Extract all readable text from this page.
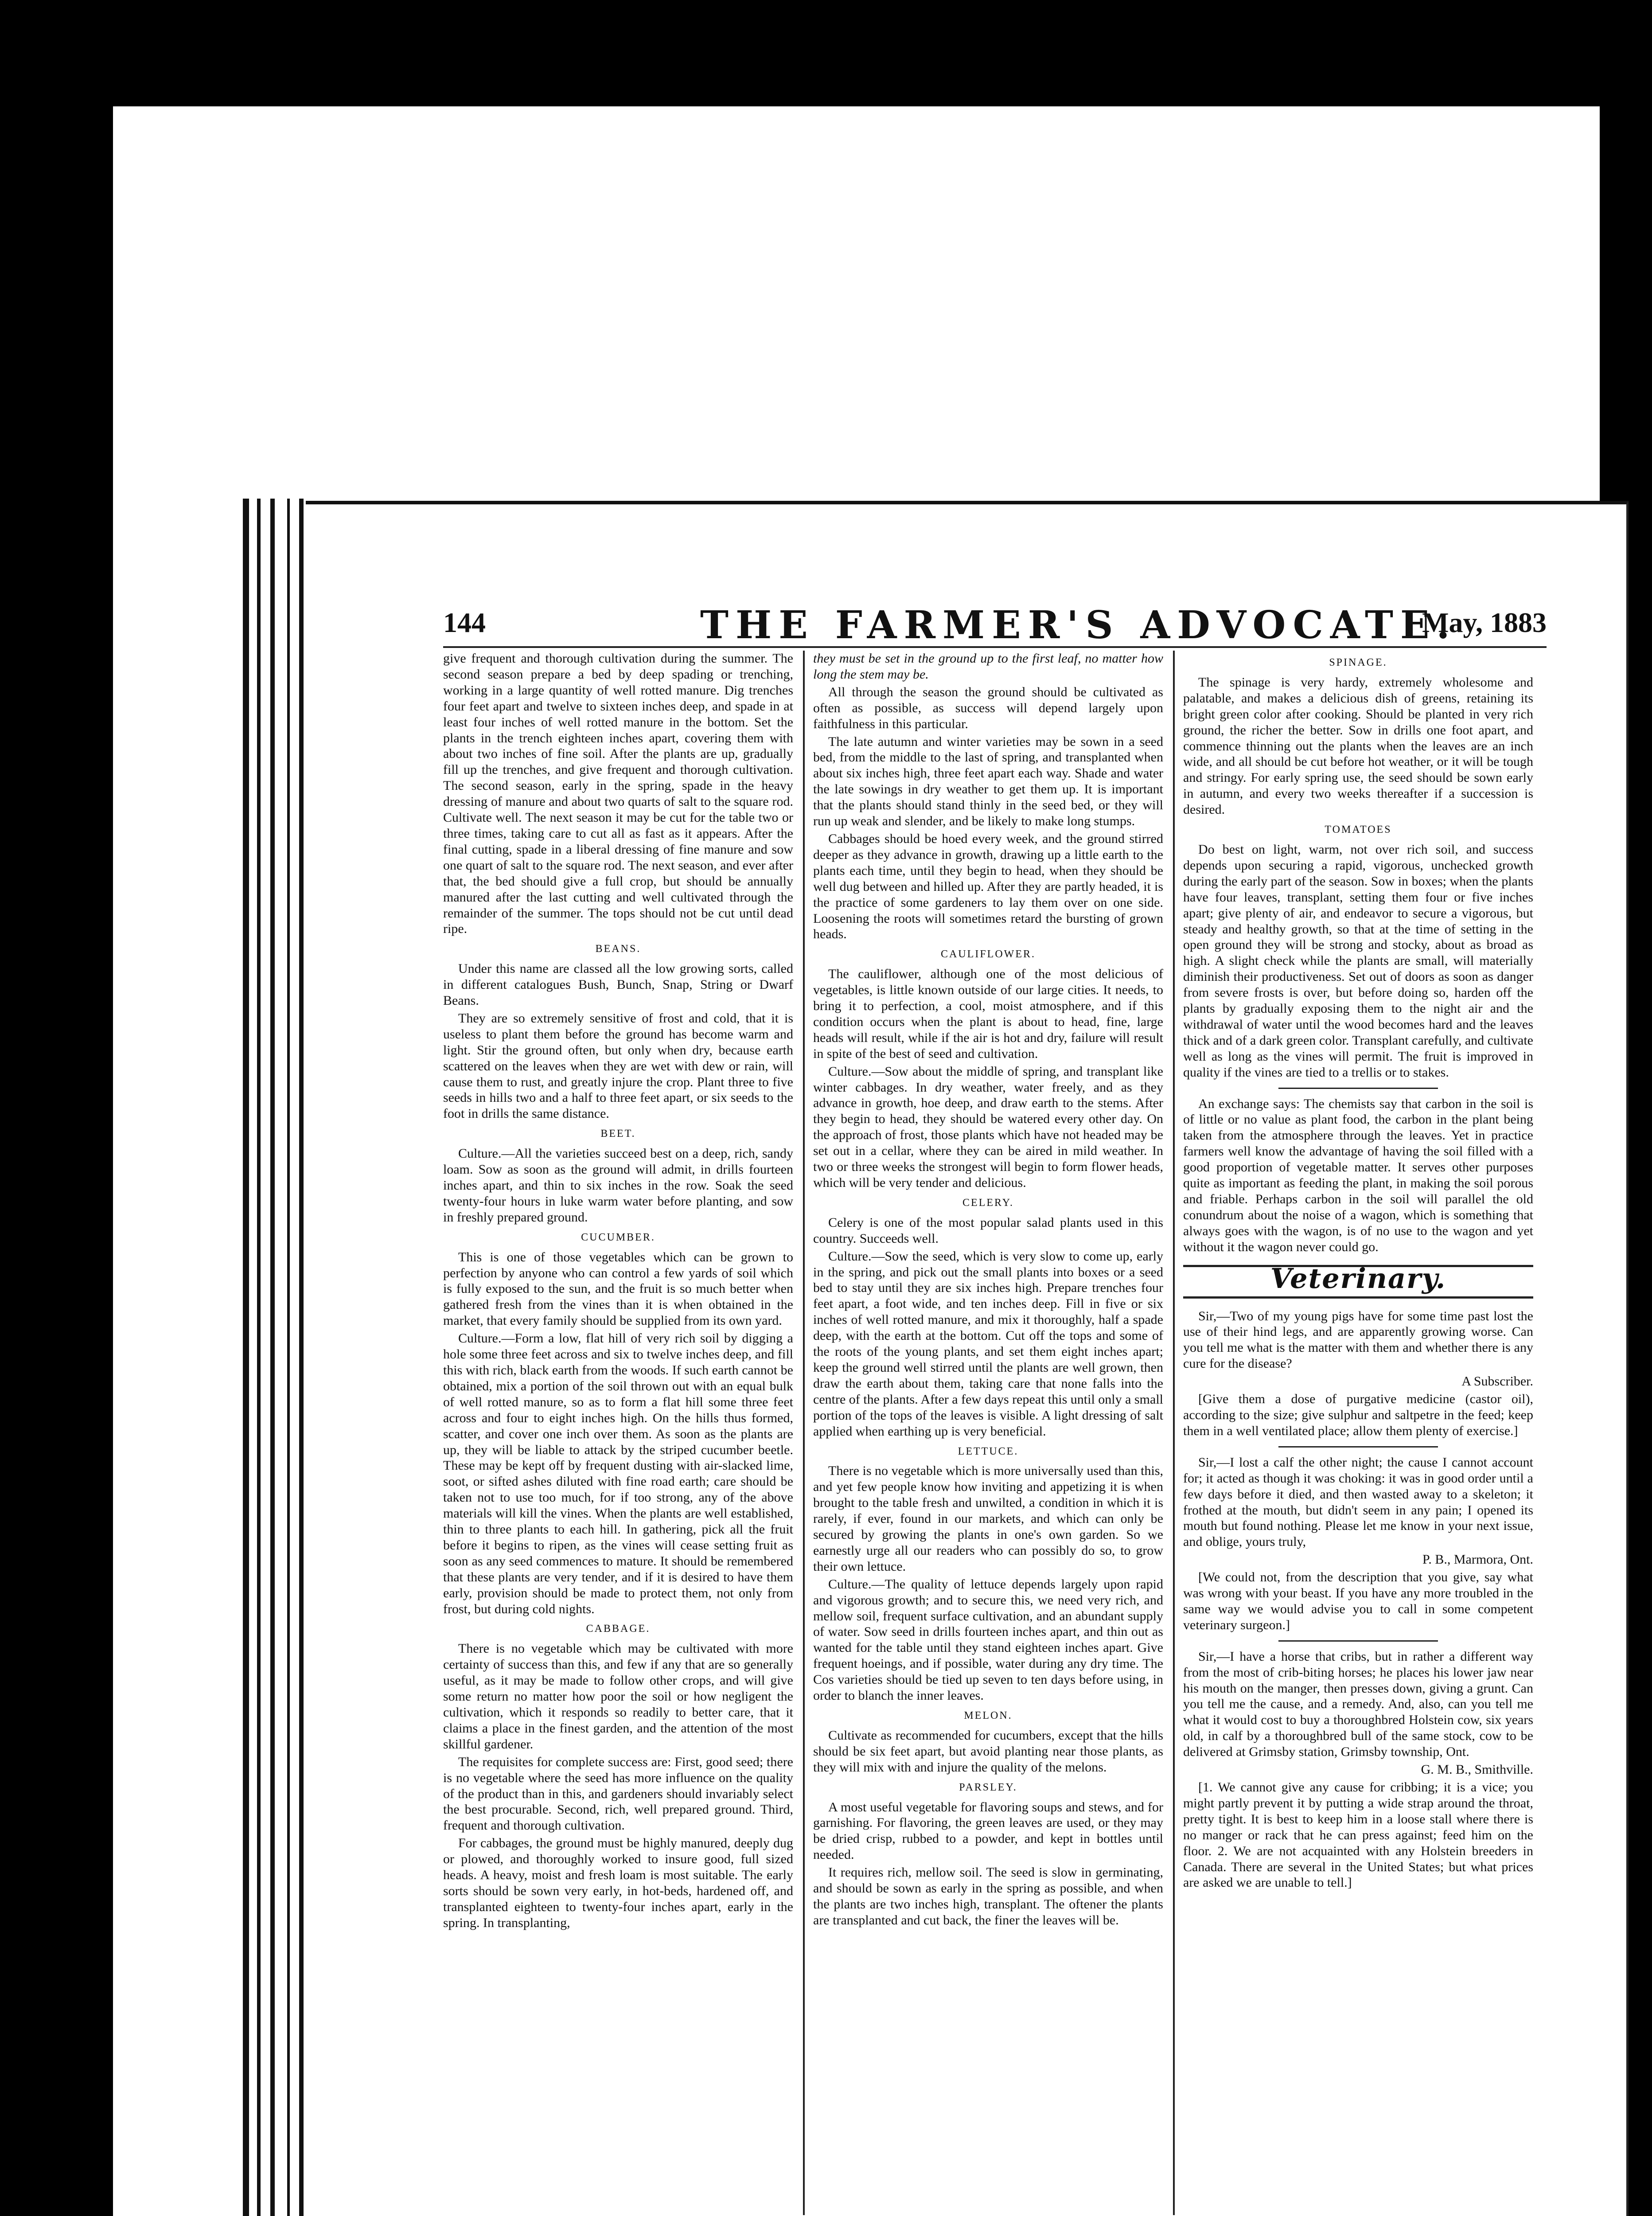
144	THE FARMER'S ADVOCATE.
May, 1883

give frequent and thorough cultivation during the summer. The second season prepare a bed by deep spading or trenching, working in a large quantity of well rotted manure. Dig trenches four feet apart and twelve to sixteen inches deep, and spade in at least four inches of well rotted manure in the bottom. Set the plants in the trench eighteen inches apart, covering them with about two inches of fine soil. After the plants are up, gradually fill up the trenches, and give frequent and thorough cultivation. The second season, early in the spring, spade in the heavy dressing of manure and about two quarts of salt to the square rod. Cultivate well. The next season it may be cut for the table two or three times, taking care to cut all as fast as it appears. After the final cutting, spade in a liberal dressing of fine manure and sow one quart of salt to the square rod. The next season, and ever after that, the bed should give a full crop, but should be annually manured after the last cutting and well cultivated through the remainder of the summer. The tops should not be cut until dead ripe.

BEANS.

Under this name are classed all the low growing sorts, called in different catalogues Bush, Bunch, Snap, String or Dwarf Beans.

They are so extremely sensitive of frost and cold, that it is useless to plant them before the ground has become warm and light. Stir the ground often, but only when dry, because earth scattered on the leaves when they are wet with dew or rain, will cause them to rust, and greatly injure the crop. Plant three to five seeds in hills two and a half to three feet apart, or six seeds to the foot in drills the same distance.

BEET.

Culture.—All the varieties succeed best on a deep, rich, sandy loam. Sow as soon as the ground will admit, in drills fourteen inches apart, and thin to six inches in the row. Soak the seed twenty-four hours in luke warm water before planting, and sow in freshly prepared ground.

CUCUMBER.

This is one of those vegetables which can be grown to perfection by anyone who can control a few yards of soil which is fully exposed to the sun, and the fruit is so much better when gathered fresh from the vines than it is when obtained in the market, that every family should be supplied from its own yard.

Culture.—Form a low, flat hill of very rich soil by digging a hole some three feet across and six to twelve inches deep, and fill this with rich, black earth from the woods. If such earth cannot be obtained, mix a portion of the soil thrown out with an equal bulk of well rotted manure, so as to form a flat hill some three feet across and four to eight inches high. On the hills thus formed, scatter, and cover one inch over them. As soon as the plants are up, they will be liable to attack by the striped cucumber beetle. These may be kept off by frequent dusting with air-slacked lime, soot, or sifted ashes diluted with fine road earth; care should be taken not to use too much, for if too strong, any of the above materials will kill the vines. When the plants are well established, thin to three plants to each hill. In gathering, pick all the fruit before it begins to ripen, as the vines will cease setting fruit as soon as any seed commences to mature. It should be remembered that these plants are very tender, and if it is desired to have them early, provision should be made to protect them, not only from frost, but during cold nights.

CABBAGE.

There is no vegetable which may be cultivated with more certainty of success than this, and few if any that are so generally useful, as it may be made to follow other crops, and will give some return no matter how poor the soil or how negligent the cultivation, which it responds so readily to better care, that it claims a place in the finest garden, and the attention of the most skillful gardener.

The requisites for complete success are: First, good seed; there is no vegetable where the seed has more influence on the quality of the product than in this, and gardeners should invariably select the best procurable. Second, rich, well prepared ground. Third, frequent and thorough cultivation.

For cabbages, the ground must be highly manured, deeply dug or plowed, and thoroughly worked to insure good, full sized heads. A heavy, moist and fresh loam is most suitable. The early sorts should be sown very early, in hot-beds, hardened off, and transplanted eighteen to twenty-four inches apart, early in the spring. In transplanting,

they must be set in the ground up to the first leaf, no matter how long the stem may be.

All through the season the ground should be cultivated as often as possible, as success will depend largely upon faithfulness in this particular.

The late autumn and winter varieties may be sown in a seed bed, from the middle to the last of spring, and transplanted when about six inches high, three feet apart each way. Shade and water the late sowings in dry weather to get them up. It is important that the plants should stand thinly in the seed bed, or they will run up weak and slender, and be likely to make long stumps.

Cabbages should be hoed every week, and the ground stirred deeper as they advance in growth, drawing up a little earth to the plants each time, until they begin to head, when they should be well dug between and hilled up. After they are partly headed, it is the practice of some gardeners to lay them over on one side. Loosening the roots will sometimes retard the bursting of grown heads.

CAULIFLOWER.

The cauliflower, although one of the most delicious of vegetables, is little known outside of our large cities. It needs, to bring it to perfection, a cool, moist atmosphere, and if this condition occurs when the plant is about to head, fine, large heads will result, while if the air is hot and dry, failure will result in spite of the best of seed and cultivation.

Culture.—Sow about the middle of spring, and transplant like winter cabbages. In dry weather, water freely, and as they advance in growth, hoe deep, and draw earth to the stems. After they begin to head, they should be watered every other day. On the approach of frost, those plants which have not headed may be set out in a cellar, where they can be aired in mild weather. In two or three weeks the strongest will begin to form flower heads, which will be very tender and delicious.

CELERY.

Celery is one of the most popular salad plants used in this country. Succeeds well.

Culture.—Sow the seed, which is very slow to come up, early in the spring, and pick out the small plants into boxes or a seed bed to stay until they are six inches high. Prepare trenches four feet apart, a foot wide, and ten inches deep. Fill in five or six inches of well rotted manure, and mix it thoroughly, half a spade deep, with the earth at the bottom. Cut off the tops and some of the roots of the young plants, and set them eight inches apart; keep the ground well stirred until the plants are well grown, then draw the earth about them, taking care that none falls into the centre of the plants. After a few days repeat this until only a small portion of the tops of the leaves is visible. A light dressing of salt applied when earthing up is very beneficial.

LETTUCE.

There is no vegetable which is more universally used than this, and yet few people know how inviting and appetizing it is when brought to the table fresh and unwilted, a condition in which it is rarely, if ever, found in our markets, and which can only be secured by growing the plants in one's own garden. So we earnestly urge all our readers who can possibly do so, to grow their own lettuce.

Culture.—The quality of lettuce depends largely upon rapid and vigorous growth; and to secure this, we need very rich, and mellow soil, frequent surface cultivation, and an abundant supply of water. Sow seed in drills fourteen inches apart, and thin out as wanted for the table until they stand eighteen inches apart. Give frequent hoeings, and if possible, water during any dry time. The Cos varieties should be tied up seven to ten days before using, in order to blanch the inner leaves.

MELON.

Cultivate as recommended for cucumbers, except that the hills should be six feet apart, but avoid planting near those plants, as they will mix with and injure the quality of the melons.

PARSLEY.

A most useful vegetable for flavoring soups and stews, and for garnishing. For flavoring, the green leaves are used, or they may be dried crisp, rubbed to a powder, and kept in bottles until needed.

It requires rich, mellow soil. The seed is slow in germinating, and should be sown as early in the spring as possible, and when the plants are two inches high, transplant. The oftener the plants are transplanted and cut back, the finer the leaves will be.

SPINAGE.

The spinage is very hardy, extremely wholesome and palatable, and makes a delicious dish of greens, retaining its bright green color after cooking. Should be planted in very rich ground, the richer the better. Sow in drills one foot apart, and commence thinning out the plants when the leaves are an inch wide, and all should be cut before hot weather, or it will be tough and stringy. For early spring use, the seed should be sown early in autumn, and every two weeks thereafter if a succession is desired.

TOMATOES

Do best on light, warm, not over rich soil, and success depends upon securing a rapid, vigorous, unchecked growth during the early part of the season. Sow in boxes; when the plants have four leaves, transplant, setting them four or five inches apart; give plenty of air, and endeavor to secure a vigorous, but steady and healthy growth, so that at the time of setting in the open ground they will be strong and stocky, about as broad as high. A slight check while the plants are small, will materially diminish their productiveness. Set out of doors as soon as danger from severe frosts is over, but before doing so, harden off the plants by gradually exposing them to the night air and the withdrawal of water until the wood becomes hard and the leaves thick and of a dark green color. Transplant carefully, and cultivate well as long as the vines will permit. The fruit is improved in quality if the vines are tied to a trellis or to stakes.

An exchange says: The chemists say that carbon in the soil is of little or no value as plant food, the carbon in the plant being taken from the atmosphere through the leaves. Yet in practice farmers well know the advantage of having the soil filled with a good proportion of vegetable matter. It serves other purposes quite as important as feeding the plant, in making the soil porous and friable. Perhaps carbon in the soil will parallel the old conundrum about the noise of a wagon, which is something that always goes with the wagon, is of no use to the wagon and yet without it the wagon never could go.

Veterinary.

Sir,—Two of my young pigs have for some time past lost the use of their hind legs, and are apparently growing worse. Can you tell me what is the matter with them and whether there is any cure for the disease?

A Subscriber.

[Give them a dose of purgative medicine (castor oil), according to the size; give sulphur and saltpetre in the feed; keep them in a well ventilated place; allow them plenty of exercise.]

Sir,—I lost a calf the other night; the cause I cannot account for; it acted as though it was choking: it was in good order until a few days before it died, and then wasted away to a skeleton; it frothed at the mouth, but didn't seem in any pain; I opened its mouth but found nothing. Please let me know in your next issue, and oblige, yours truly,

P. B., Marmora, Ont.

[We could not, from the description that you give, say what was wrong with your beast. If you have any more troubled in the same way we would advise you to call in some competent veterinary surgeon.]

Sir,—I have a horse that cribs, but in rather a different way from the most of crib-biting horses; he places his lower jaw near his mouth on the manger, then presses down, giving a grunt. Can you tell me the cause, and a remedy. And, also, can you tell me what it would cost to buy a thoroughbred Holstein cow, six years old, in calf by a thoroughbred bull of the same stock, cow to be delivered at Grimsby station, Grimsby township, Ont.

G. M. B., Smithville.

[1. We cannot give any cause for cribbing; it is a vice; you might partly prevent it by putting a wide strap around the throat, pretty tight. It is best to keep him in a loose stall where there is no manger or rack that he can press against; feed him on the floor. 2. We are not acquainted with any Holstein breeders in Canada. There are several in the United States; but what prices are asked we are unable to tell.]
